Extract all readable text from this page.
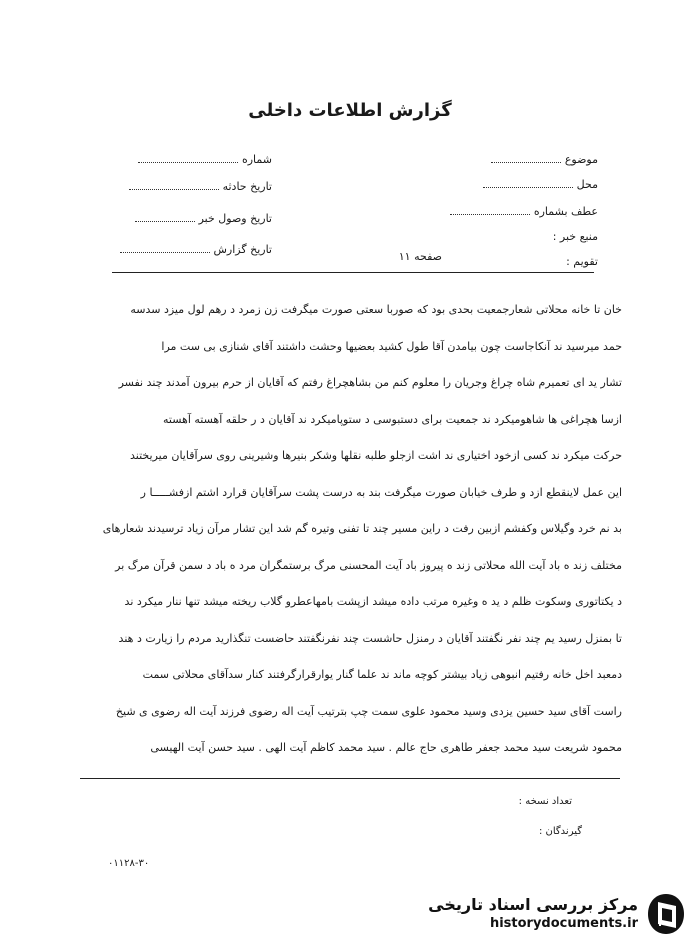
گزارش اطلاعات داخلی
موضوع
محل
عطف بشماره
منبع خبر :
تقویم :
شماره
تاریخ حادثه
تاریخ وصول خبر
تاریخ گزارش
صفحه ۱۱
خان تا خانه محلاتی شعارجمعیت بحدی بود که صوربا سعتی صورت میگرفت زن زمرد د رهم لول میزد سدسه
حمد میرسید ند آنکاجاست چون بیامدن آقا طول کشید بعضیها وحشت داشتند آقای شنازی بی ست مرا
تشار ید ای تعمیرم شاه چراغ وجریان را معلوم کنم من بشاهچراغ رفتم که آقایان از حرم بیرون آمدند چند نفسر
ازسا هچراغی ها شاهومیکرد ند جمعیت برای دستبوسی د ستوپامیکرد ند آقایان د ر حلقه آهسته آهسته
حرکت میکرد ند کسی ازخود اختیاری ند اشت ازجلو طلبه نقلها وشکر بنیرها وشیرینی روی سرآقایان میریختند
این عمل لاینقطع ازد و طرف خیابان صورت میگرفت بند به درست پشت سرآقایان قرارد اشتم ازفشـــــا ر
بد نم خرد وگیلاس وکفشم ازبین رفت د راین مسیر چند تا تفنی وتیره گم شد این تشار مرآن زیاد ترسیدند شعارهای
مختلف زند ه باد آیت الله محلاتی زند ه پیروز باد آیت المحسنی مرگ برستمگران مرد ه باد د سمن قرآن مرگ بر
د یکتاتوری وسکوت ظلم د ید ه وغیره مرتب داده میشد ازپشت بامهاعطرو گلاب ریخته میشد تنها ننار میکرد ند
تا بمنزل رسید یم چند نفر نگفتند آقایان د رمنزل حاشست چند نفرنگفتند حاضست تنگذارید مردم را زیارت د هند
دمعبد اخل خانه رفتیم انبوهی زیاد بیشتر کوچه ماند ند علما گنار یوارقرارگرفتند کنار سدآقای محلاتی سمت
راست آقای سید حسین یزدی وسید محمود علوی سمت چپ بترتیب آیت اله رضوی فرزند آیت اله رضوی ی شیخ
محمود شریعت سید محمد جعفر طاهری حاج عالم . سید محمد کاظم آیت الهی . سید حسن آیت الهیسی
تعداد نسخه :
گیرندگان :
۰۱۱۲۸-۳۰
مرکز بررسی اسناد تاریخی
historydocuments.ir
